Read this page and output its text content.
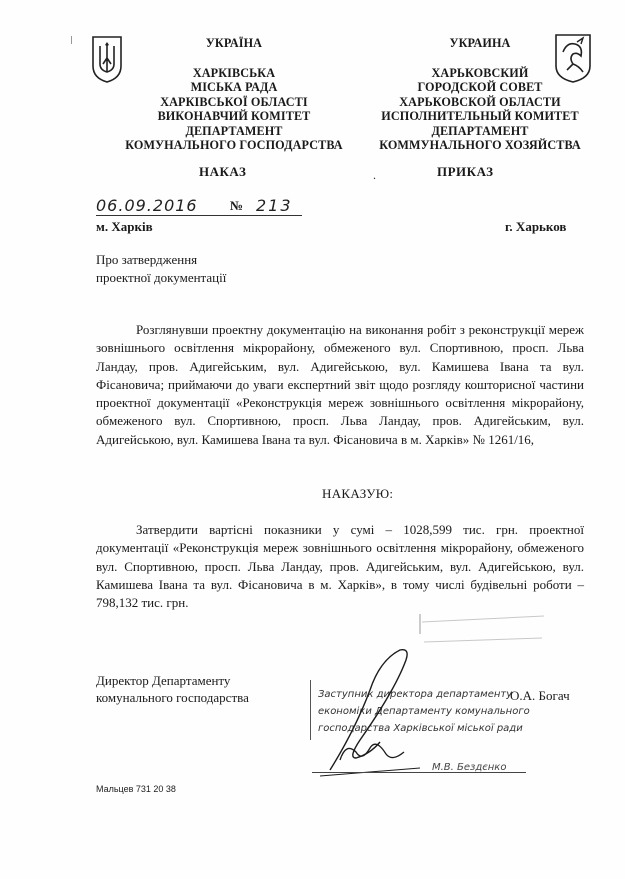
УКРАЇНА
ХАРКІВСЬКА
МІСЬКА РАДА
ХАРКІВСЬКОЇ ОБЛАСТІ
ВИКОНАВЧИЙ КОМІТЕТ
ДЕПАРТАМЕНТ
КОМУНАЛЬНОГО ГОСПОДАРСТВА
УКРАИНА
ХАРЬКОВСКИЙ
ГОРОДСКОЙ СОВЕТ
ХАРЬКОВСКОЙ ОБЛАСТИ
ИСПОЛНИТЕЛЬНЫЙ КОМИТЕТ
ДЕПАРТАМЕНТ
КОММУНАЛЬНОГО ХОЗЯЙСТВА
НАКАЗ	.	ПРИКАЗ
06.09.2016 № 213
м. Харків	г. Харьков
Про затвердження
проектної документації
Розглянувши проектну документацію на виконання робіт з реконструкції мереж зовнішнього освітлення мікрорайону, обмеженого вул. Спортивною, просп. Льва Ландау, пров. Адигейським, вул. Адигейською, вул. Камишева Івана та вул. Фісановича; приймаючи до уваги експертний звіт щодо розгляду кошторисної частини проектної документації «Реконструкція мереж зовнішнього освітлення мікрорайону, обмеженого вул. Спортивною, просп. Льва Ландау, пров. Адигейським, вул. Адигейською, вул. Камишева Івана та вул. Фісановича в м. Харків» № 1261/16,
НАКАЗУЮ:
Затвердити вартісні показники у сумі – 1028,599 тис. грн. проектної документації «Реконструкція мереж зовнішнього освітлення мікрорайону, обмеженого вул. Спортивною, просп. Льва Ландау, пров. Адигейським, вул. Адигейською, вул. Камишева Івана та вул. Фісановича в м. Харків», в тому числі будівельні роботи – 798,132 тис. грн.
Директор Департаменту
комунального господарства	Заступник директора департаменту
економіки Департаменту комунального
господарства Харківської міської ради
О.А. Богач
М.В. Бездєнко
Мальцев 731 20 38
